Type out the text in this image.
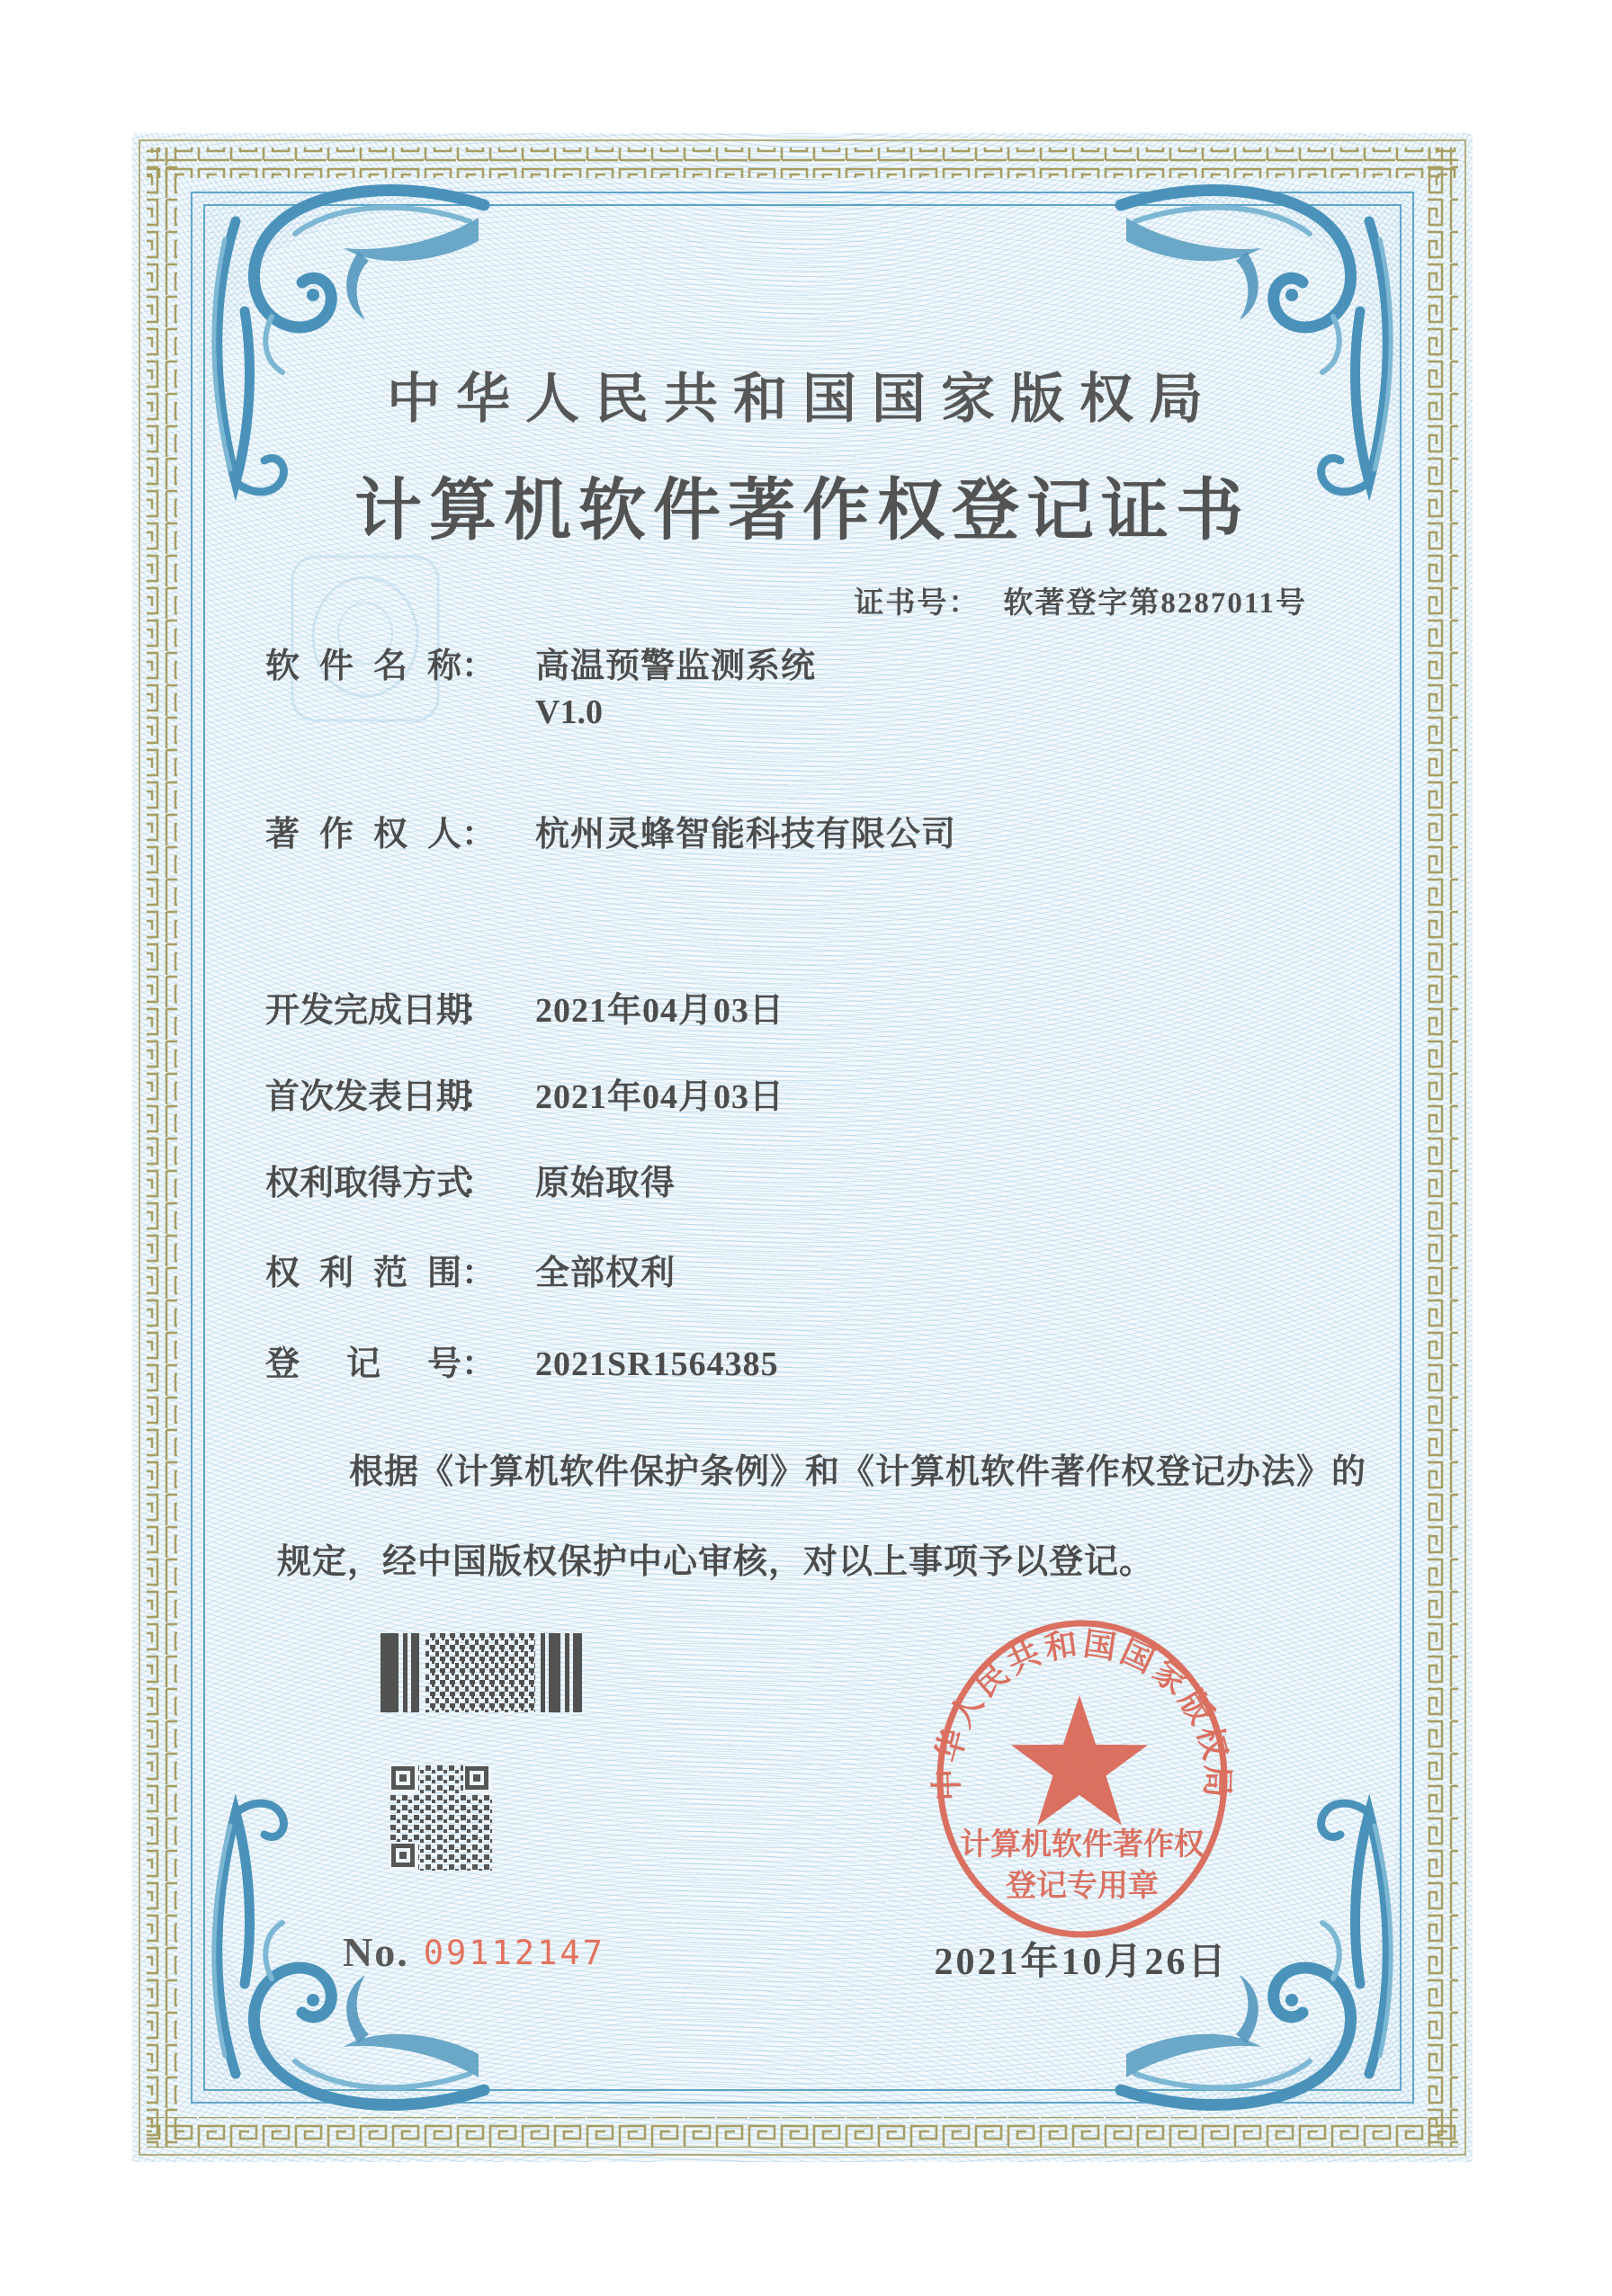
中华人民共和国国家版权局
计算机软件著作权登记证书
证书号： 软著登字第8287011号
软件名称： 高温预警监测系统
V1.0
著作权人： 杭州灵蜂智能科技有限公司
开发完成日期： 2021年04月03日
首次发表日期： 2021年04月03日
权利取得方式： 原始取得
权利范围： 全部权利
登记号： 2021SR1564385
根据《计算机软件保护条例》和《计算机软件著作权登记办法》的
规定，经中国版权保护中心审核，对以上事项予以登记。
No. 09112147
中华人民共和国国家版权局
计算机软件著作权
登记专用章
2021年10月26日
